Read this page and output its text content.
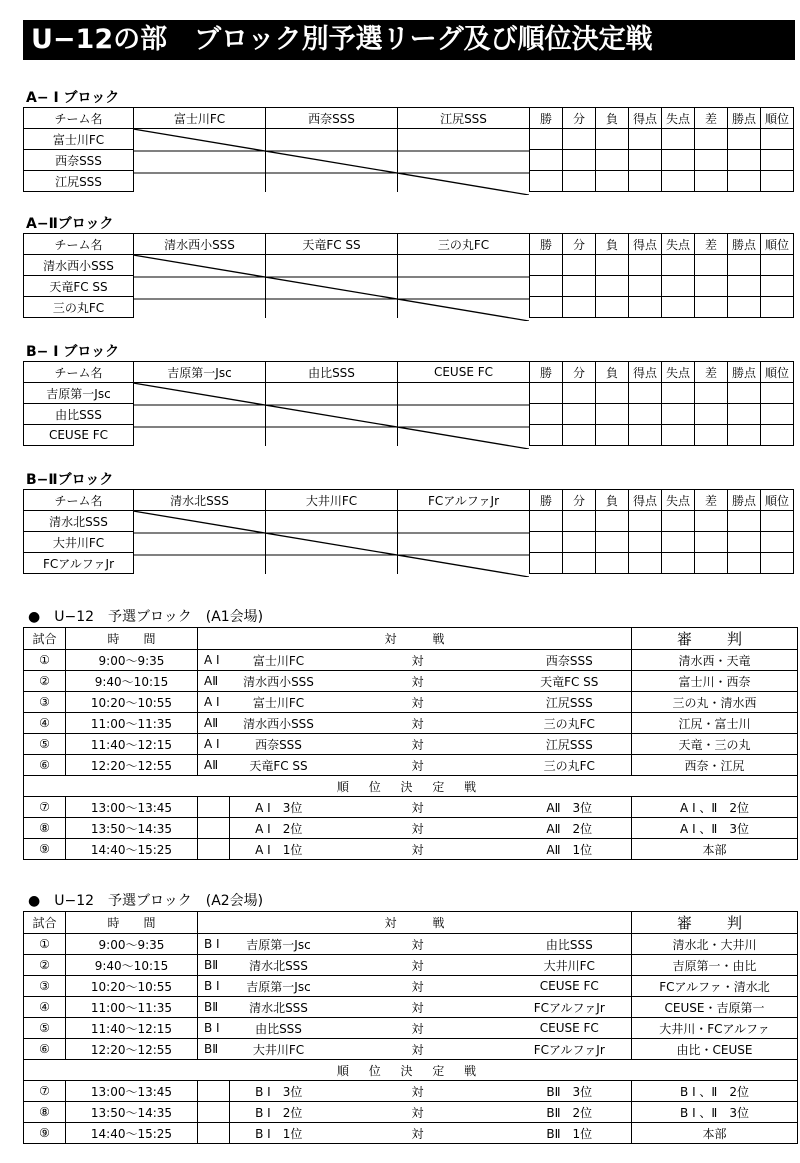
U−12の部　ブロック別予選リーグ及び順位決定戦
A− I ブロック
チーム名	富士川FC	西奈SSS	江尻SSS	勝	分	負	得点	失点	差	勝点	順位
富士川FC											
西奈SSS											
江尻SSS											
A−Ⅱブロック
チーム名	清水西小SSS	天竜FC SS	三の丸FC	勝	分	負	得点	失点	差	勝点	順位
清水西小SSS											
天竜FC SS											
三の丸FC											
B− I ブロック
チーム名	吉原第一Jsc	由比SSS	CEUSE FC	勝	分	負	得点	失点	差	勝点	順位
吉原第一Jsc											
由比SSS											
CEUSE FC											
B−Ⅱブロック
チーム名	清水北SSS	大井川FC	FCアルファJr	勝	分	負	得点	失点	差	勝点	順位
清水北SSS											
大井川FC											
FCアルファJr											
●　U−12　予選ブロック　(A1会場)
試合	時　　間	対　　　戦				審　判
①	9:00〜9:35	A I	富士川FC	対	西奈SSS	清水西・天竜
②	9:40〜10:15	AⅡ	清水西小SSS	対	天竜FC SS	富士川・西奈
③	10:20〜10:55	A I	富士川FC	対	江尻SSS	三の丸・清水西
④	11:00〜11:35	AⅡ	清水西小SSS	対	三の丸FC	江尻・富士川
⑤	11:40〜12:15	A I	西奈SSS	対	江尻SSS	天竜・三の丸
⑥	12:20〜12:55	AⅡ	天竜FC SS	対	三の丸FC	西奈・江尻
順 位 決 定 戦						
⑦	13:00〜13:45		A I　3位	対	AⅡ　3位	A I 、Ⅱ　2位
⑧	13:50〜14:35		A I　2位	対	AⅡ　2位	A I 、Ⅱ　3位
⑨	14:40〜15:25		A I　1位	対	AⅡ　1位	本部
●　U−12　予選ブロック　(A2会場)
試合	時　　間	対　　　戦				審　判
①	9:00〜9:35	B I	吉原第一Jsc	対	由比SSS	清水北・大井川
②	9:40〜10:15	BⅡ	清水北SSS	対	大井川FC	吉原第一・由比
③	10:20〜10:55	B I	吉原第一Jsc	対	CEUSE FC	FCアルファ・清水北
④	11:00〜11:35	BⅡ	清水北SSS	対	FCアルファJr	CEUSE・吉原第一
⑤	11:40〜12:15	B I	由比SSS	対	CEUSE FC	大井川・FCアルファ
⑥	12:20〜12:55	BⅡ	大井川FC	対	FCアルファJr	由比・CEUSE
順 位 決 定 戦						
⑦	13:00〜13:45		B I　3位	対	BⅡ　3位	B I 、Ⅱ　2位
⑧	13:50〜14:35		B I　2位	対	BⅡ　2位	B I 、Ⅱ　3位
⑨	14:40〜15:25		B I　1位	対	BⅡ　1位	本部
